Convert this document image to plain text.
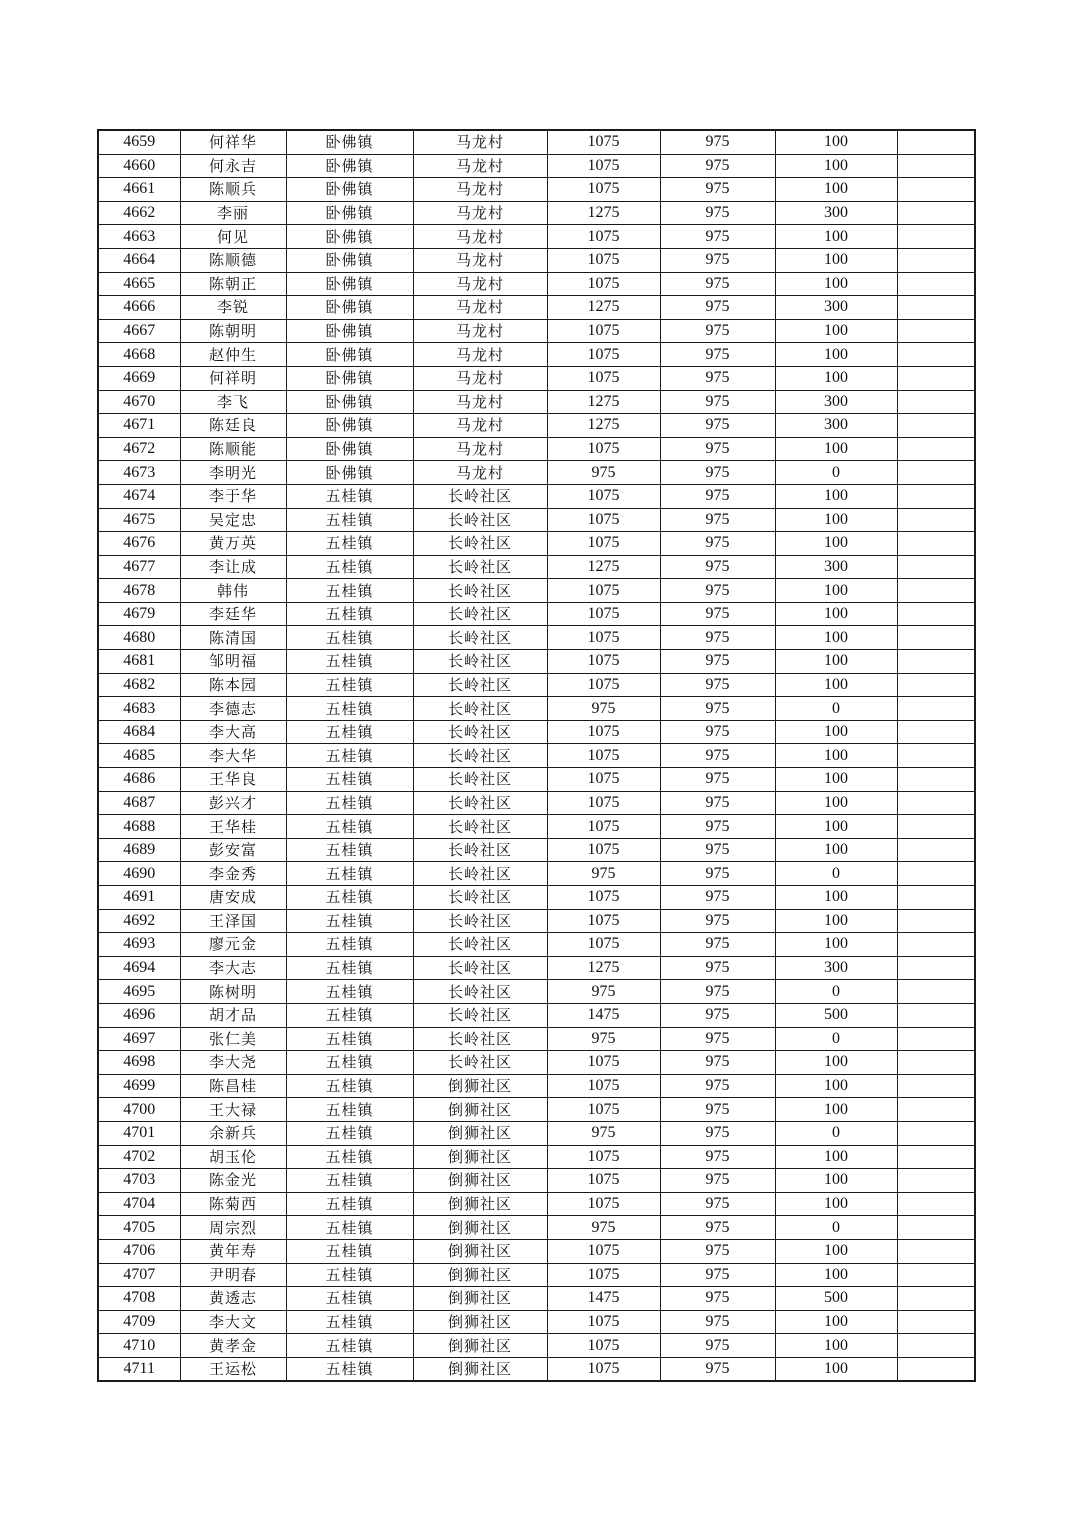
4659	何祥华	卧佛镇	马龙村	1075	975	100	
4660	何永吉	卧佛镇	马龙村	1075	975	100	
4661	陈顺兵	卧佛镇	马龙村	1075	975	100	
4662	李丽	卧佛镇	马龙村	1275	975	300	
4663	何见	卧佛镇	马龙村	1075	975	100	
4664	陈顺德	卧佛镇	马龙村	1075	975	100	
4665	陈朝正	卧佛镇	马龙村	1075	975	100	
4666	李锐	卧佛镇	马龙村	1275	975	300	
4667	陈朝明	卧佛镇	马龙村	1075	975	100	
4668	赵仲生	卧佛镇	马龙村	1075	975	100	
4669	何祥明	卧佛镇	马龙村	1075	975	100	
4670	李飞	卧佛镇	马龙村	1275	975	300	
4671	陈廷良	卧佛镇	马龙村	1275	975	300	
4672	陈顺能	卧佛镇	马龙村	1075	975	100	
4673	李明光	卧佛镇	马龙村	975	975	0	
4674	李于华	五桂镇	长岭社区	1075	975	100	
4675	吴定忠	五桂镇	长岭社区	1075	975	100	
4676	黄万英	五桂镇	长岭社区	1075	975	100	
4677	李让成	五桂镇	长岭社区	1275	975	300	
4678	韩伟	五桂镇	长岭社区	1075	975	100	
4679	李廷华	五桂镇	长岭社区	1075	975	100	
4680	陈清国	五桂镇	长岭社区	1075	975	100	
4681	邹明福	五桂镇	长岭社区	1075	975	100	
4682	陈本园	五桂镇	长岭社区	1075	975	100	
4683	李德志	五桂镇	长岭社区	975	975	0	
4684	李大高	五桂镇	长岭社区	1075	975	100	
4685	李大华	五桂镇	长岭社区	1075	975	100	
4686	王华良	五桂镇	长岭社区	1075	975	100	
4687	彭兴才	五桂镇	长岭社区	1075	975	100	
4688	王华桂	五桂镇	长岭社区	1075	975	100	
4689	彭安富	五桂镇	长岭社区	1075	975	100	
4690	李金秀	五桂镇	长岭社区	975	975	0	
4691	唐安成	五桂镇	长岭社区	1075	975	100	
4692	王泽国	五桂镇	长岭社区	1075	975	100	
4693	廖元金	五桂镇	长岭社区	1075	975	100	
4694	李大志	五桂镇	长岭社区	1275	975	300	
4695	陈树明	五桂镇	长岭社区	975	975	0	
4696	胡才品	五桂镇	长岭社区	1475	975	500	
4697	张仁美	五桂镇	长岭社区	975	975	0	
4698	李大尧	五桂镇	长岭社区	1075	975	100	
4699	陈昌桂	五桂镇	倒狮社区	1075	975	100	
4700	王大禄	五桂镇	倒狮社区	1075	975	100	
4701	余新兵	五桂镇	倒狮社区	975	975	0	
4702	胡玉伦	五桂镇	倒狮社区	1075	975	100	
4703	陈金光	五桂镇	倒狮社区	1075	975	100	
4704	陈菊西	五桂镇	倒狮社区	1075	975	100	
4705	周宗烈	五桂镇	倒狮社区	975	975	0	
4706	黄年寿	五桂镇	倒狮社区	1075	975	100	
4707	尹明春	五桂镇	倒狮社区	1075	975	100	
4708	黄透志	五桂镇	倒狮社区	1475	975	500	
4709	李大文	五桂镇	倒狮社区	1075	975	100	
4710	黄孝金	五桂镇	倒狮社区	1075	975	100	
4711	王运松	五桂镇	倒狮社区	1075	975	100	
